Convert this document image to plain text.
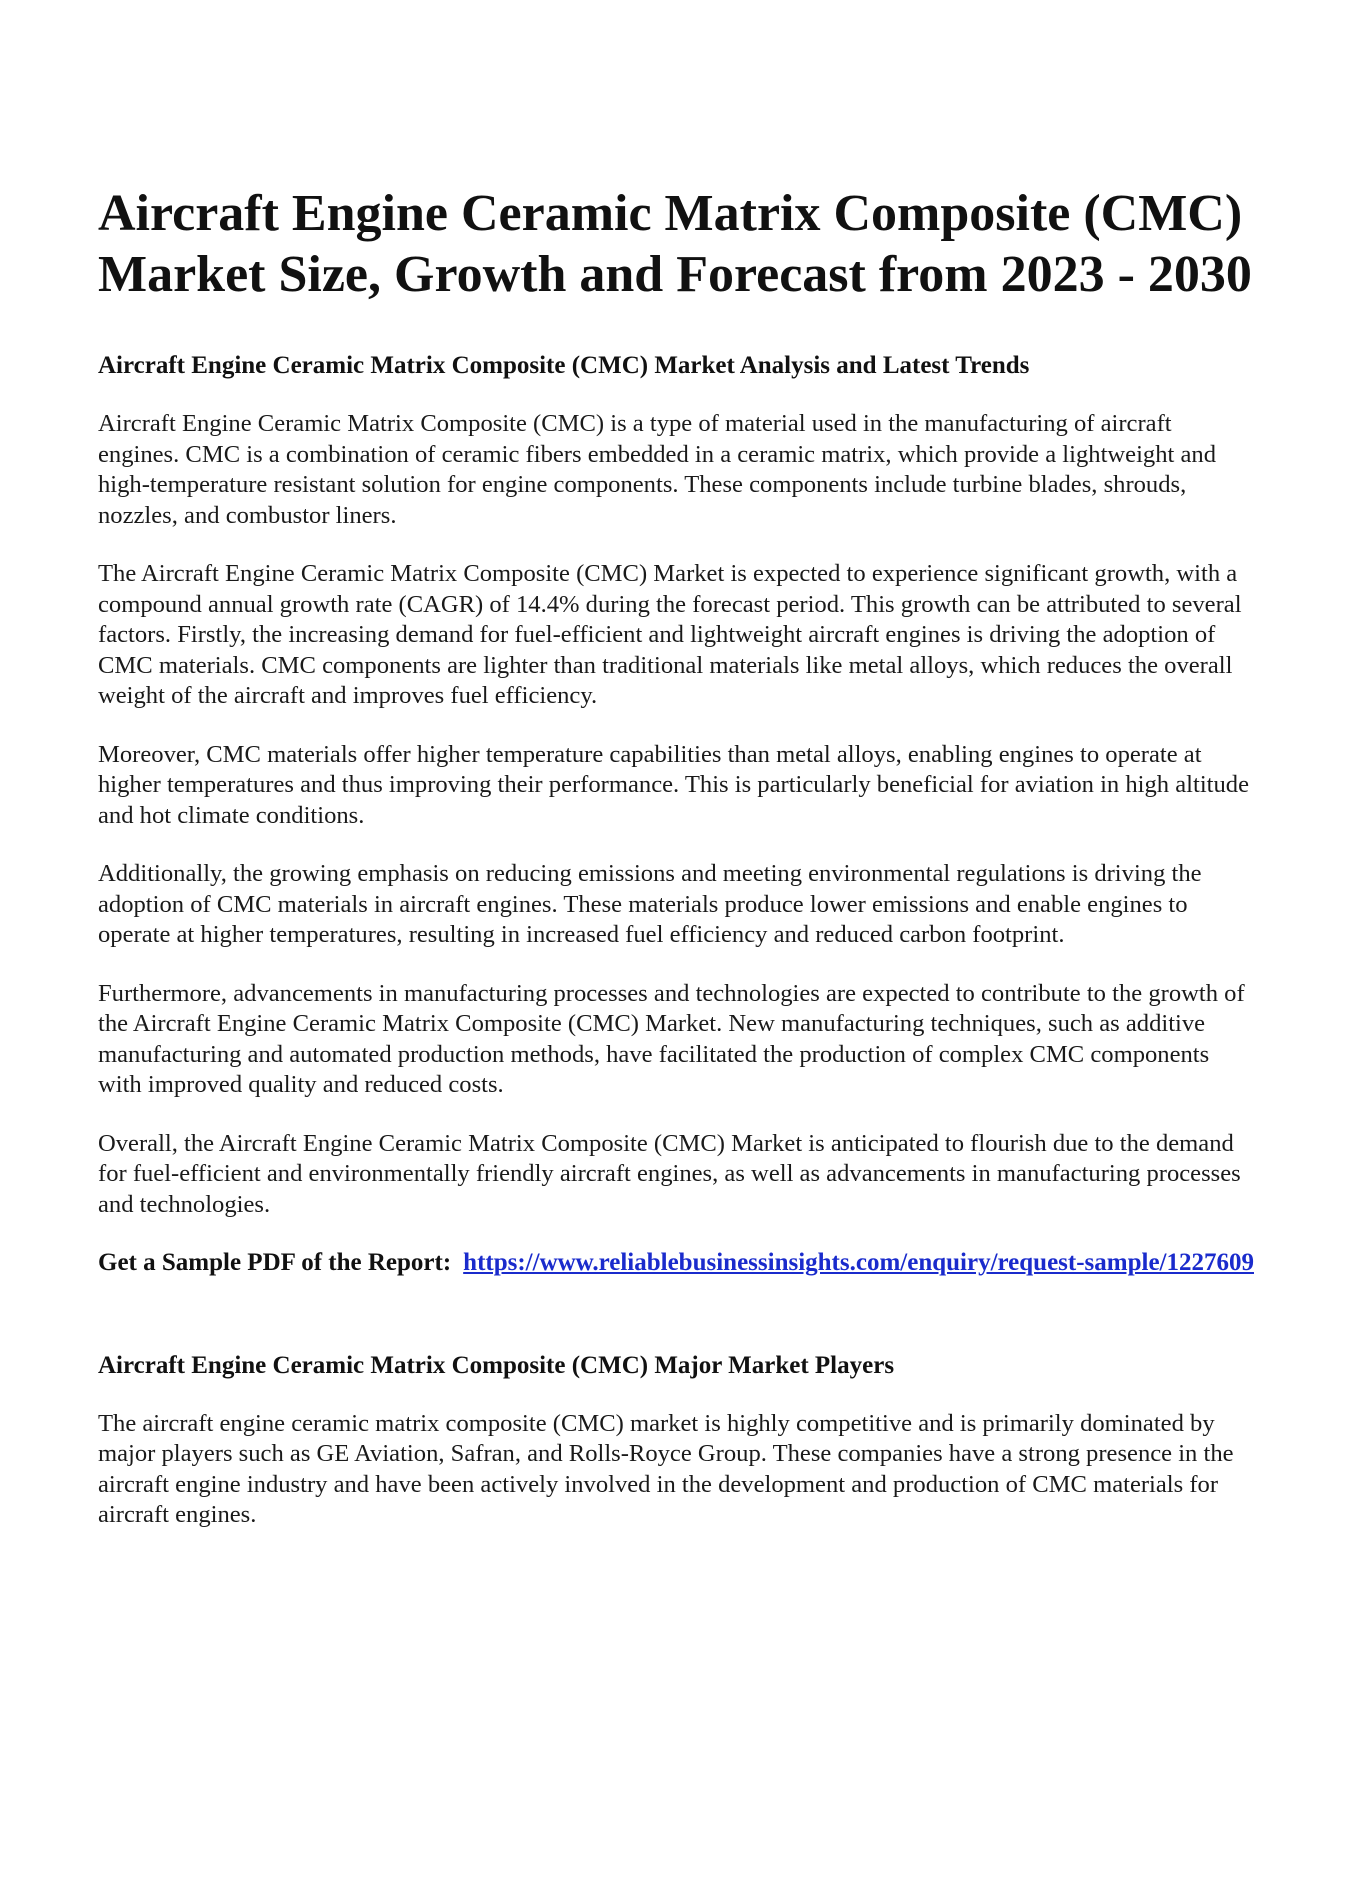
Aircraft Engine Ceramic Matrix Composite (CMC) Market Size, Growth and Forecast from 2023 - 2030
Aircraft Engine Ceramic Matrix Composite (CMC) Market Analysis and Latest Trends

Aircraft Engine Ceramic Matrix Composite (CMC) is a type of material used in the manufacturing of aircraft engines. CMC is a combination of ceramic fibers embedded in a ceramic matrix, which provide a lightweight and high-temperature resistant solution for engine components. These components include turbine blades, shrouds, nozzles, and combustor liners.

The Aircraft Engine Ceramic Matrix Composite (CMC) Market is expected to experience significant growth, with a compound annual growth rate (CAGR) of 14.4% during the forecast period. This growth can be attributed to several factors. Firstly, the increasing demand for fuel-efficient and lightweight aircraft engines is driving the adoption of CMC materials. CMC components are lighter than traditional materials like metal alloys, which reduces the overall weight of the aircraft and improves fuel efficiency.

Moreover, CMC materials offer higher temperature capabilities than metal alloys, enabling engines to operate at higher temperatures and thus improving their performance. This is particularly beneficial for aviation in high altitude and hot climate conditions.

Additionally, the growing emphasis on reducing emissions and meeting environmental regulations is driving the adoption of CMC materials in aircraft engines. These materials produce lower emissions and enable engines to operate at higher temperatures, resulting in increased fuel efficiency and reduced carbon footprint.

Furthermore, advancements in manufacturing processes and technologies are expected to contribute to the growth of the Aircraft Engine Ceramic Matrix Composite (CMC) Market. New manufacturing techniques, such as additive manufacturing and automated production methods, have facilitated the production of complex CMC components with improved quality and reduced costs.

Overall, the Aircraft Engine Ceramic Matrix Composite (CMC) Market is anticipated to flourish due to the demand for fuel-efficient and environmentally friendly aircraft engines, as well as advancements in manufacturing processes and technologies.

Get a Sample PDF of the Report: https://www.reliablebusinessinsights.com/enquiry/request-sample/1227609

Aircraft Engine Ceramic Matrix Composite (CMC) Major Market Players

The aircraft engine ceramic matrix composite (CMC) market is highly competitive and is primarily dominated by major players such as GE Aviation, Safran, and Rolls-Royce Group. These companies have a strong presence in the aircraft engine industry and have been actively involved in the development and production of CMC materials for aircraft engines.
